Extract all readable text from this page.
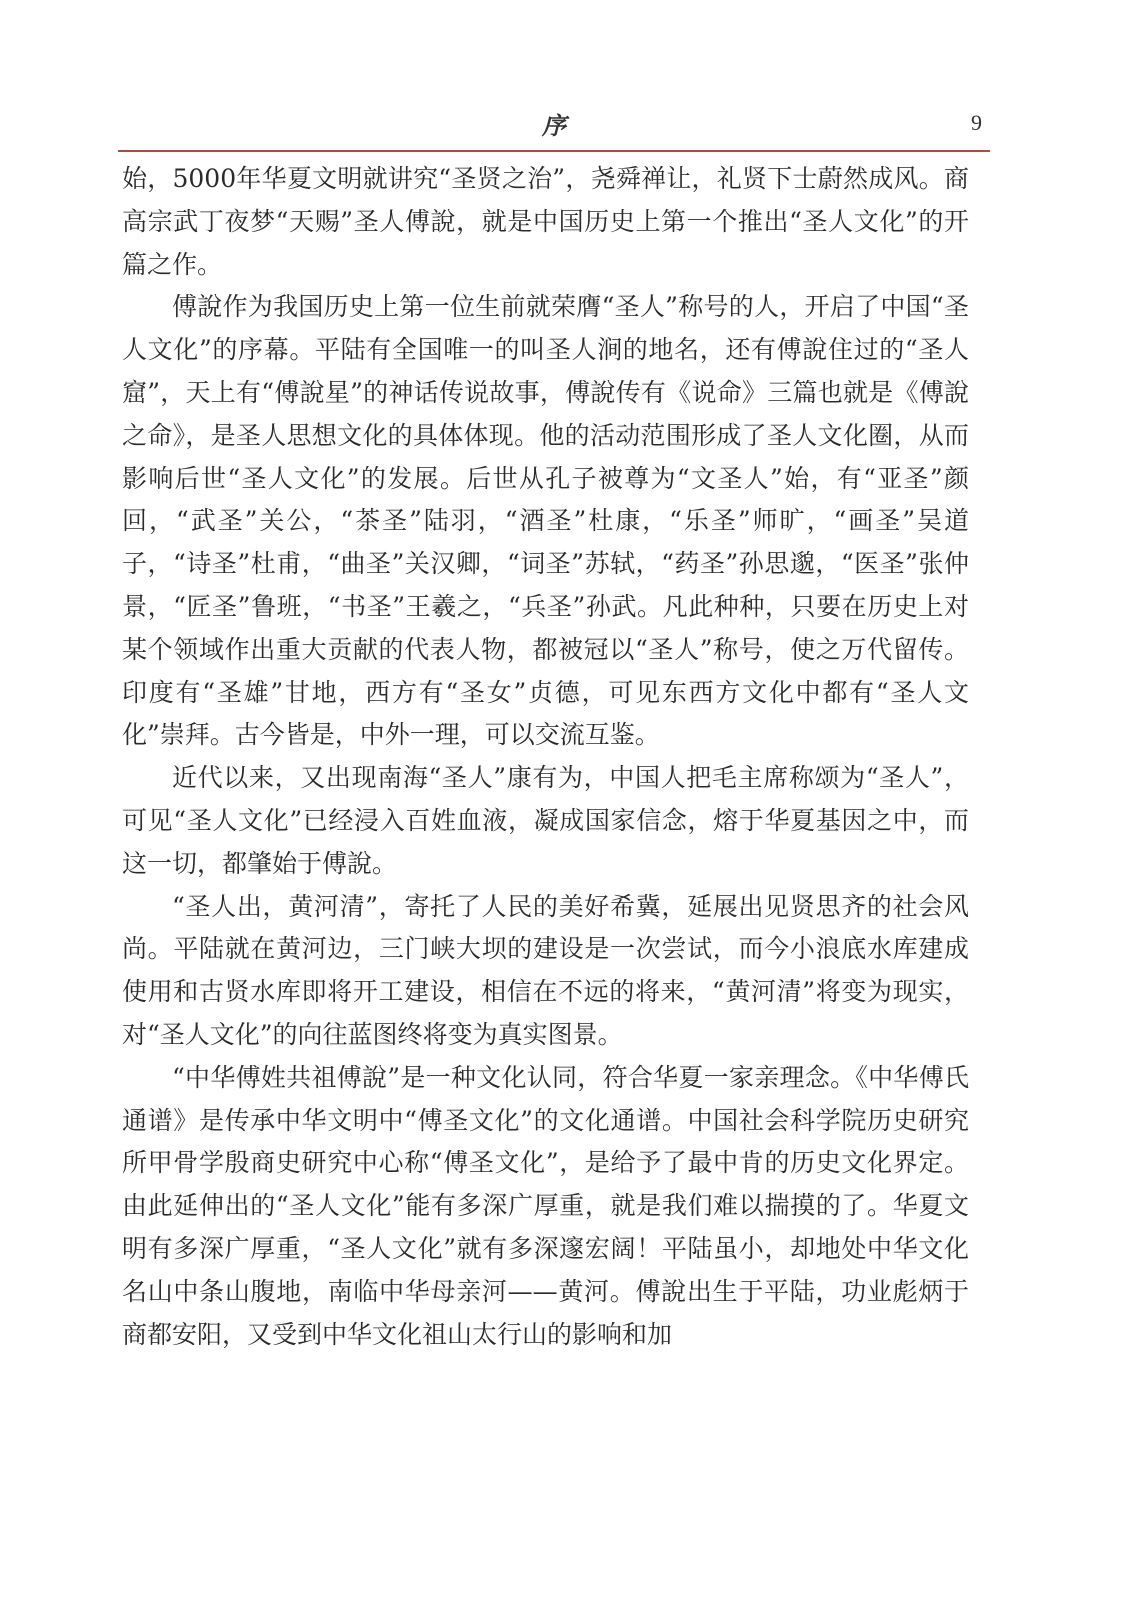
序	9

始，5000年华夏文明就讲究“圣贤之治”，尧舜禅让，礼贤下士蔚然成风。商高宗武丁夜梦“天赐”圣人傅說，就是中国历史上第一个推出“圣人文化”的开篇之作。

傅說作为我国历史上第一位生前就荣膺“圣人”称号的人，开启了中国“圣人文化”的序幕。平陆有全国唯一的叫圣人涧的地名，还有傅說住过的“圣人窟”，天上有“傅說星”的神话传说故事，傅說传有《说命》三篇也就是《傅說之命》，是圣人思想文化的具体体现。他的活动范围形成了圣人文化圈，从而影响后世“圣人文化”的发展。后世从孔子被尊为“文圣人”始，有“亚圣”颜回，“武圣”关公，“茶圣”陆羽，“酒圣”杜康，“乐圣”师旷，“画圣”吴道子，“诗圣”杜甫，“曲圣”关汉卿，“词圣”苏轼，“药圣”孙思邈，“医圣”张仲景，“匠圣”鲁班，“书圣”王羲之，“兵圣”孙武。凡此种种，只要在历史上对某个领域作出重大贡献的代表人物，都被冠以“圣人”称号，使之万代留传。印度有“圣雄”甘地，西方有“圣女”贞德，可见东西方文化中都有“圣人文化”崇拜。古今皆是，中外一理，可以交流互鉴。

近代以来，又出现南海“圣人”康有为，中国人把毛主席称颂为“圣人”，可见“圣人文化”已经浸入百姓血液，凝成国家信念，熔于华夏基因之中，而这一切，都肇始于傅說。

“圣人出，黄河清”，寄托了人民的美好希冀，延展出见贤思齐的社会风尚。平陆就在黄河边，三门峡大坝的建设是一次尝试，而今小浪底水库建成使用和古贤水库即将开工建设，相信在不远的将来，“黄河清”将变为现实，对“圣人文化”的向往蓝图终将变为真实图景。

“中华傅姓共祖傅說”是一种文化认同，符合华夏一家亲理念。《中华傅氏通谱》是传承中华文明中“傅圣文化”的文化通谱。中国社会科学院历史研究所甲骨学殷商史研究中心称“傅圣文化”，是给予了最中肯的历史文化界定。由此延伸出的“圣人文化”能有多深广厚重，就是我们难以揣摸的了。华夏文明有多深广厚重，“圣人文化”就有多深邃宏阔！平陆虽小，却地处中华文化名山中条山腹地，南临中华母亲河——黄河。傅說出生于平陆，功业彪炳于商都安阳，又受到中华文化祖山太行山的影响和加
